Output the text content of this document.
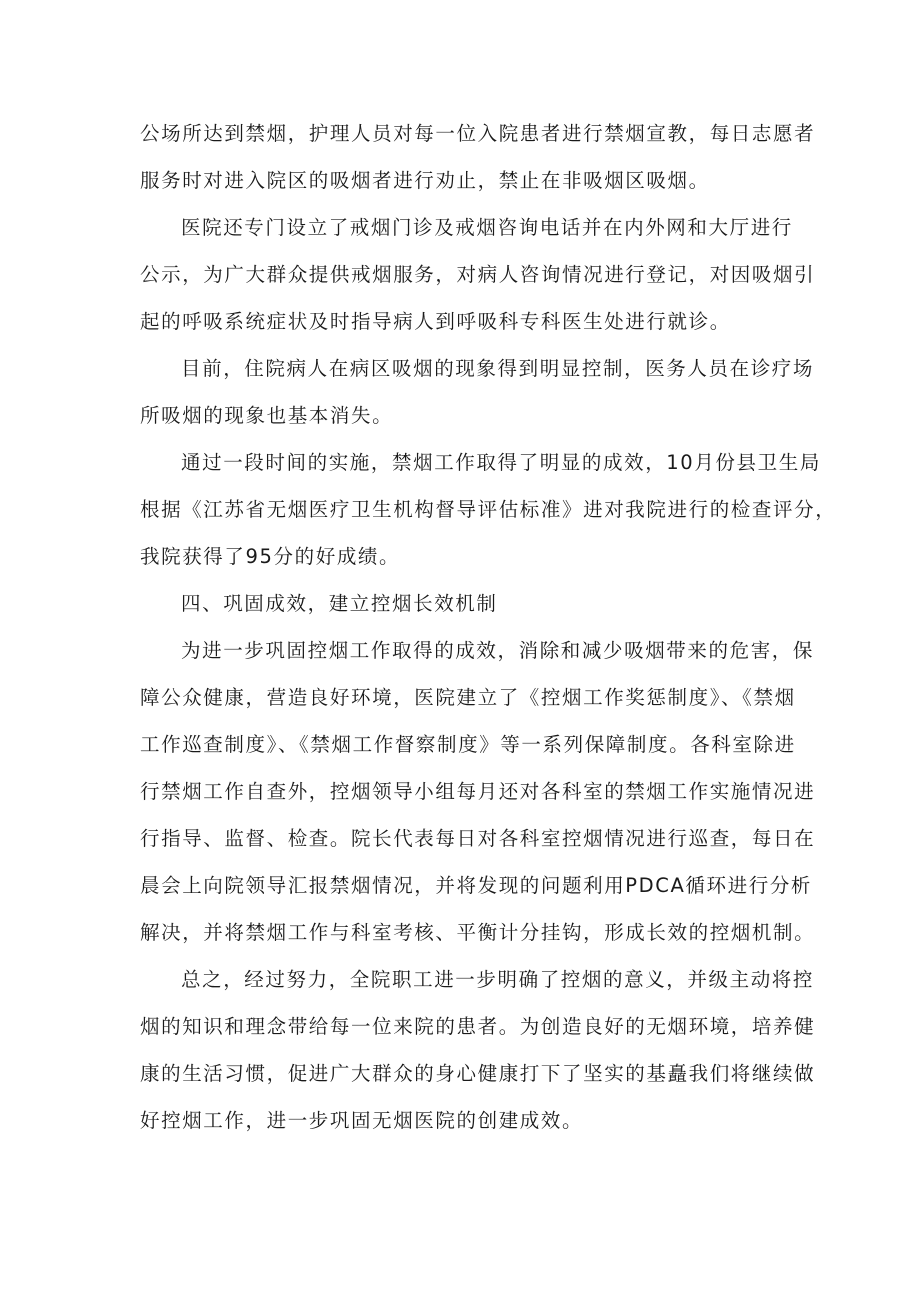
公场所达到禁烟，护理人员对每一位入院患者进行禁烟宣教，每日志愿者
服务时对进入院区的吸烟者进行劝止，禁止在非吸烟区吸烟。

医院还专门设立了戒烟门诊及戒烟咨询电话并在内外网和大厅进行
公示，为广大群众提供戒烟服务，对病人咨询情况进行登记，对因吸烟引
起的呼吸系统症状及时指导病人到呼吸科专科医生处进行就诊。

目前，住院病人在病区吸烟的现象得到明显控制，医务人员在诊疗场
所吸烟的现象也基本消失。

通过一段时间的实施，禁烟工作取得了明显的成效，10月份县卫生局
根据《江苏省无烟医疗卫生机构督导评估标准》进对我院进行的检查评分，
我院获得了95分的好成绩。

四、巩固成效，建立控烟长效机制

为进一步巩固控烟工作取得的成效，消除和减少吸烟带来的危害，保
障公众健康，营造良好环境，医院建立了《控烟工作奖惩制度》、《禁烟
工作巡查制度》、《禁烟工作督察制度》等一系列保障制度。各科室除进
行禁烟工作自查外，控烟领导小组每月还对各科室的禁烟工作实施情况进
行指导、监督、检查。院长代表每日对各科室控烟情况进行巡查，每日在
晨会上向院领导汇报禁烟情况，并将发现的问题利用PDCA循环进行分析
解决，并将禁烟工作与科室考核、平衡计分挂钩，形成长效的控烟机制。

总之，经过努力，全院职工进一步明确了控烟的意义，并级主动将控
烟的知识和理念带给每一位来院的患者。为创造良好的无烟环境，培养健
康的生活习惯，促进广大群众的身心健康打下了坚实的基矗我们将继续做
好控烟工作，进一步巩固无烟医院的创建成效。
